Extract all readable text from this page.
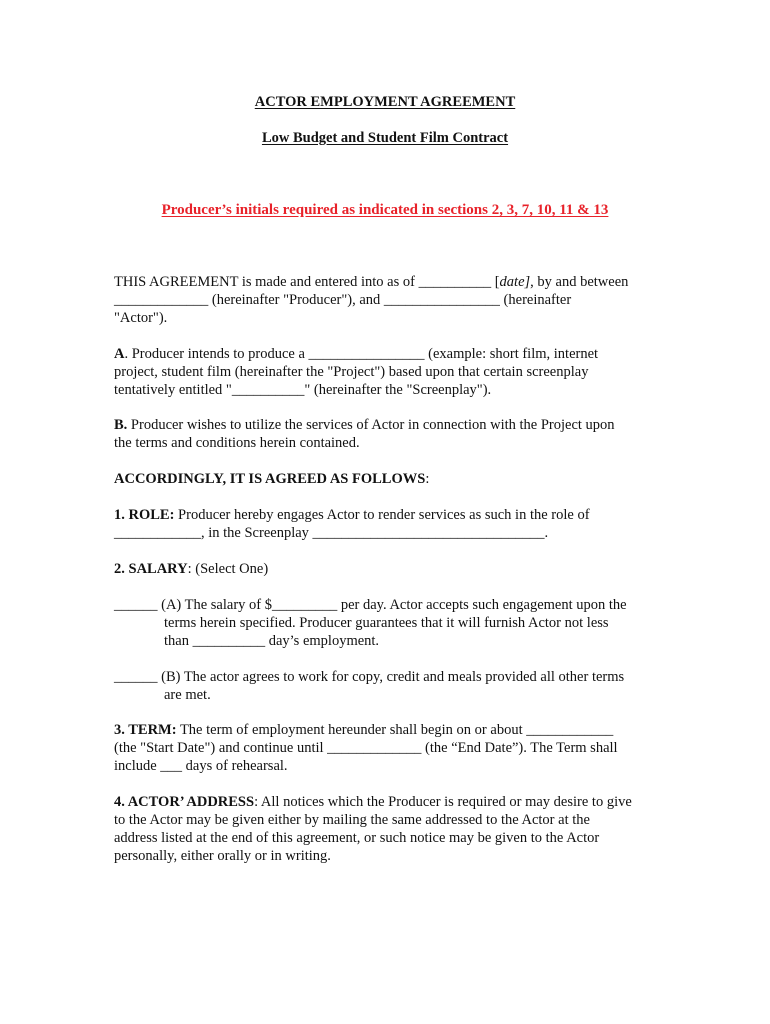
ACTOR EMPLOYMENT AGREEMENT
Low Budget and Student Film Contract
Producer’s initials required as indicated in sections 2, 3, 7, 10, 11 & 13
THIS AGREEMENT is made and entered into as of __________ [date], by and between
_____________ (hereinafter "Producer"), and ________________ (hereinafter
"Actor").
A. Producer intends to produce a ________________ (example: short film, internet
project, student film (hereinafter the "Project") based upon that certain screenplay
tentatively entitled "__________" (hereinafter the "Screenplay").
B. Producer wishes to utilize the services of Actor in connection with the Project upon
the terms and conditions herein contained.
ACCORDINGLY, IT IS AGREED AS FOLLOWS:
1. ROLE: Producer hereby engages Actor to render services as such in the role of
____________, in the Screenplay ________________________________.
2. SALARY: (Select One)
______ (A) The salary of $_________ per day. Actor accepts such engagement upon the
terms herein specified. Producer guarantees that it will furnish Actor not less
than __________ day’s employment.
______ (B) The actor agrees to work for copy, credit and meals provided all other terms
are met.
3. TERM: The term of employment hereunder shall begin on or about ____________
(the "Start Date") and continue until _____________ (the “End Date”). The Term shall
include ___ days of rehearsal.
4. ACTOR’ ADDRESS: All notices which the Producer is required or may desire to give
to the Actor may be given either by mailing the same addressed to the Actor at the
address listed at the end of this agreement, or such notice may be given to the Actor
personally, either orally or in writing.
